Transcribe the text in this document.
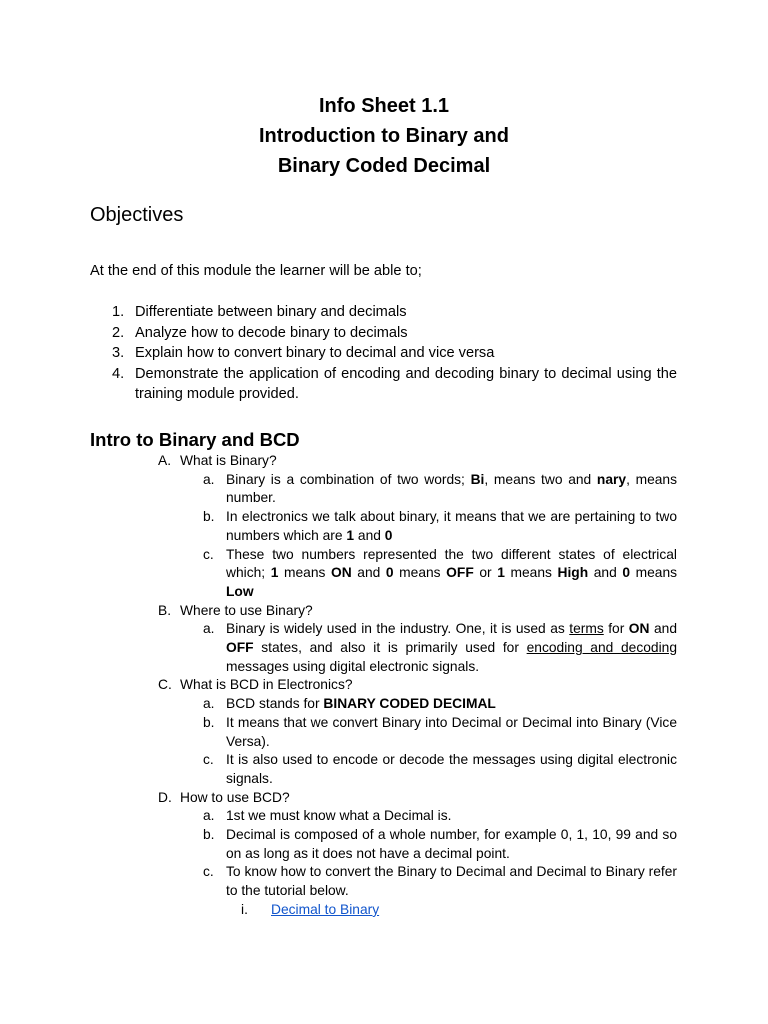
Info Sheet 1.1
Introduction to Binary and
Binary Coded Decimal
Objectives

At the end of this module the learner will be able to;

1. Differentiate between binary and decimals
2. Analyze how to decode binary to decimals
3. Explain how to convert binary to decimal and vice versa
4. Demonstrate the application of encoding and decoding binary to decimal using the training module provided.
Intro to Binary and BCD
A. What is Binary?
a. Binary is a combination of two words; Bi, means two and nary, means number.
b. In electronics we talk about binary, it means that we are pertaining to two numbers which are 1 and 0
c. These two numbers represented the two different states of electrical which; 1 means ON and 0 means OFF or 1 means High and 0 means Low
B. Where to use Binary?
a. Binary is widely used in the industry. One, it is used as terms for ON and OFF states, and also it is primarily used for encoding and decoding messages using digital electronic signals.
C. What is BCD in Electronics?
a. BCD stands for BINARY CODED DECIMAL
b. It means that we convert Binary into Decimal or Decimal into Binary (Vice Versa).
c. It is also used to encode or decode the messages using digital electronic signals.
D. How to use BCD?
a. 1st we must know what a Decimal is.
b. Decimal is composed of a whole number, for example 0, 1, 10, 99 and so on as long as it does not have a decimal point.
c. To know how to convert the Binary to Decimal and Decimal to Binary refer to the tutorial below.
i. Decimal to Binary
